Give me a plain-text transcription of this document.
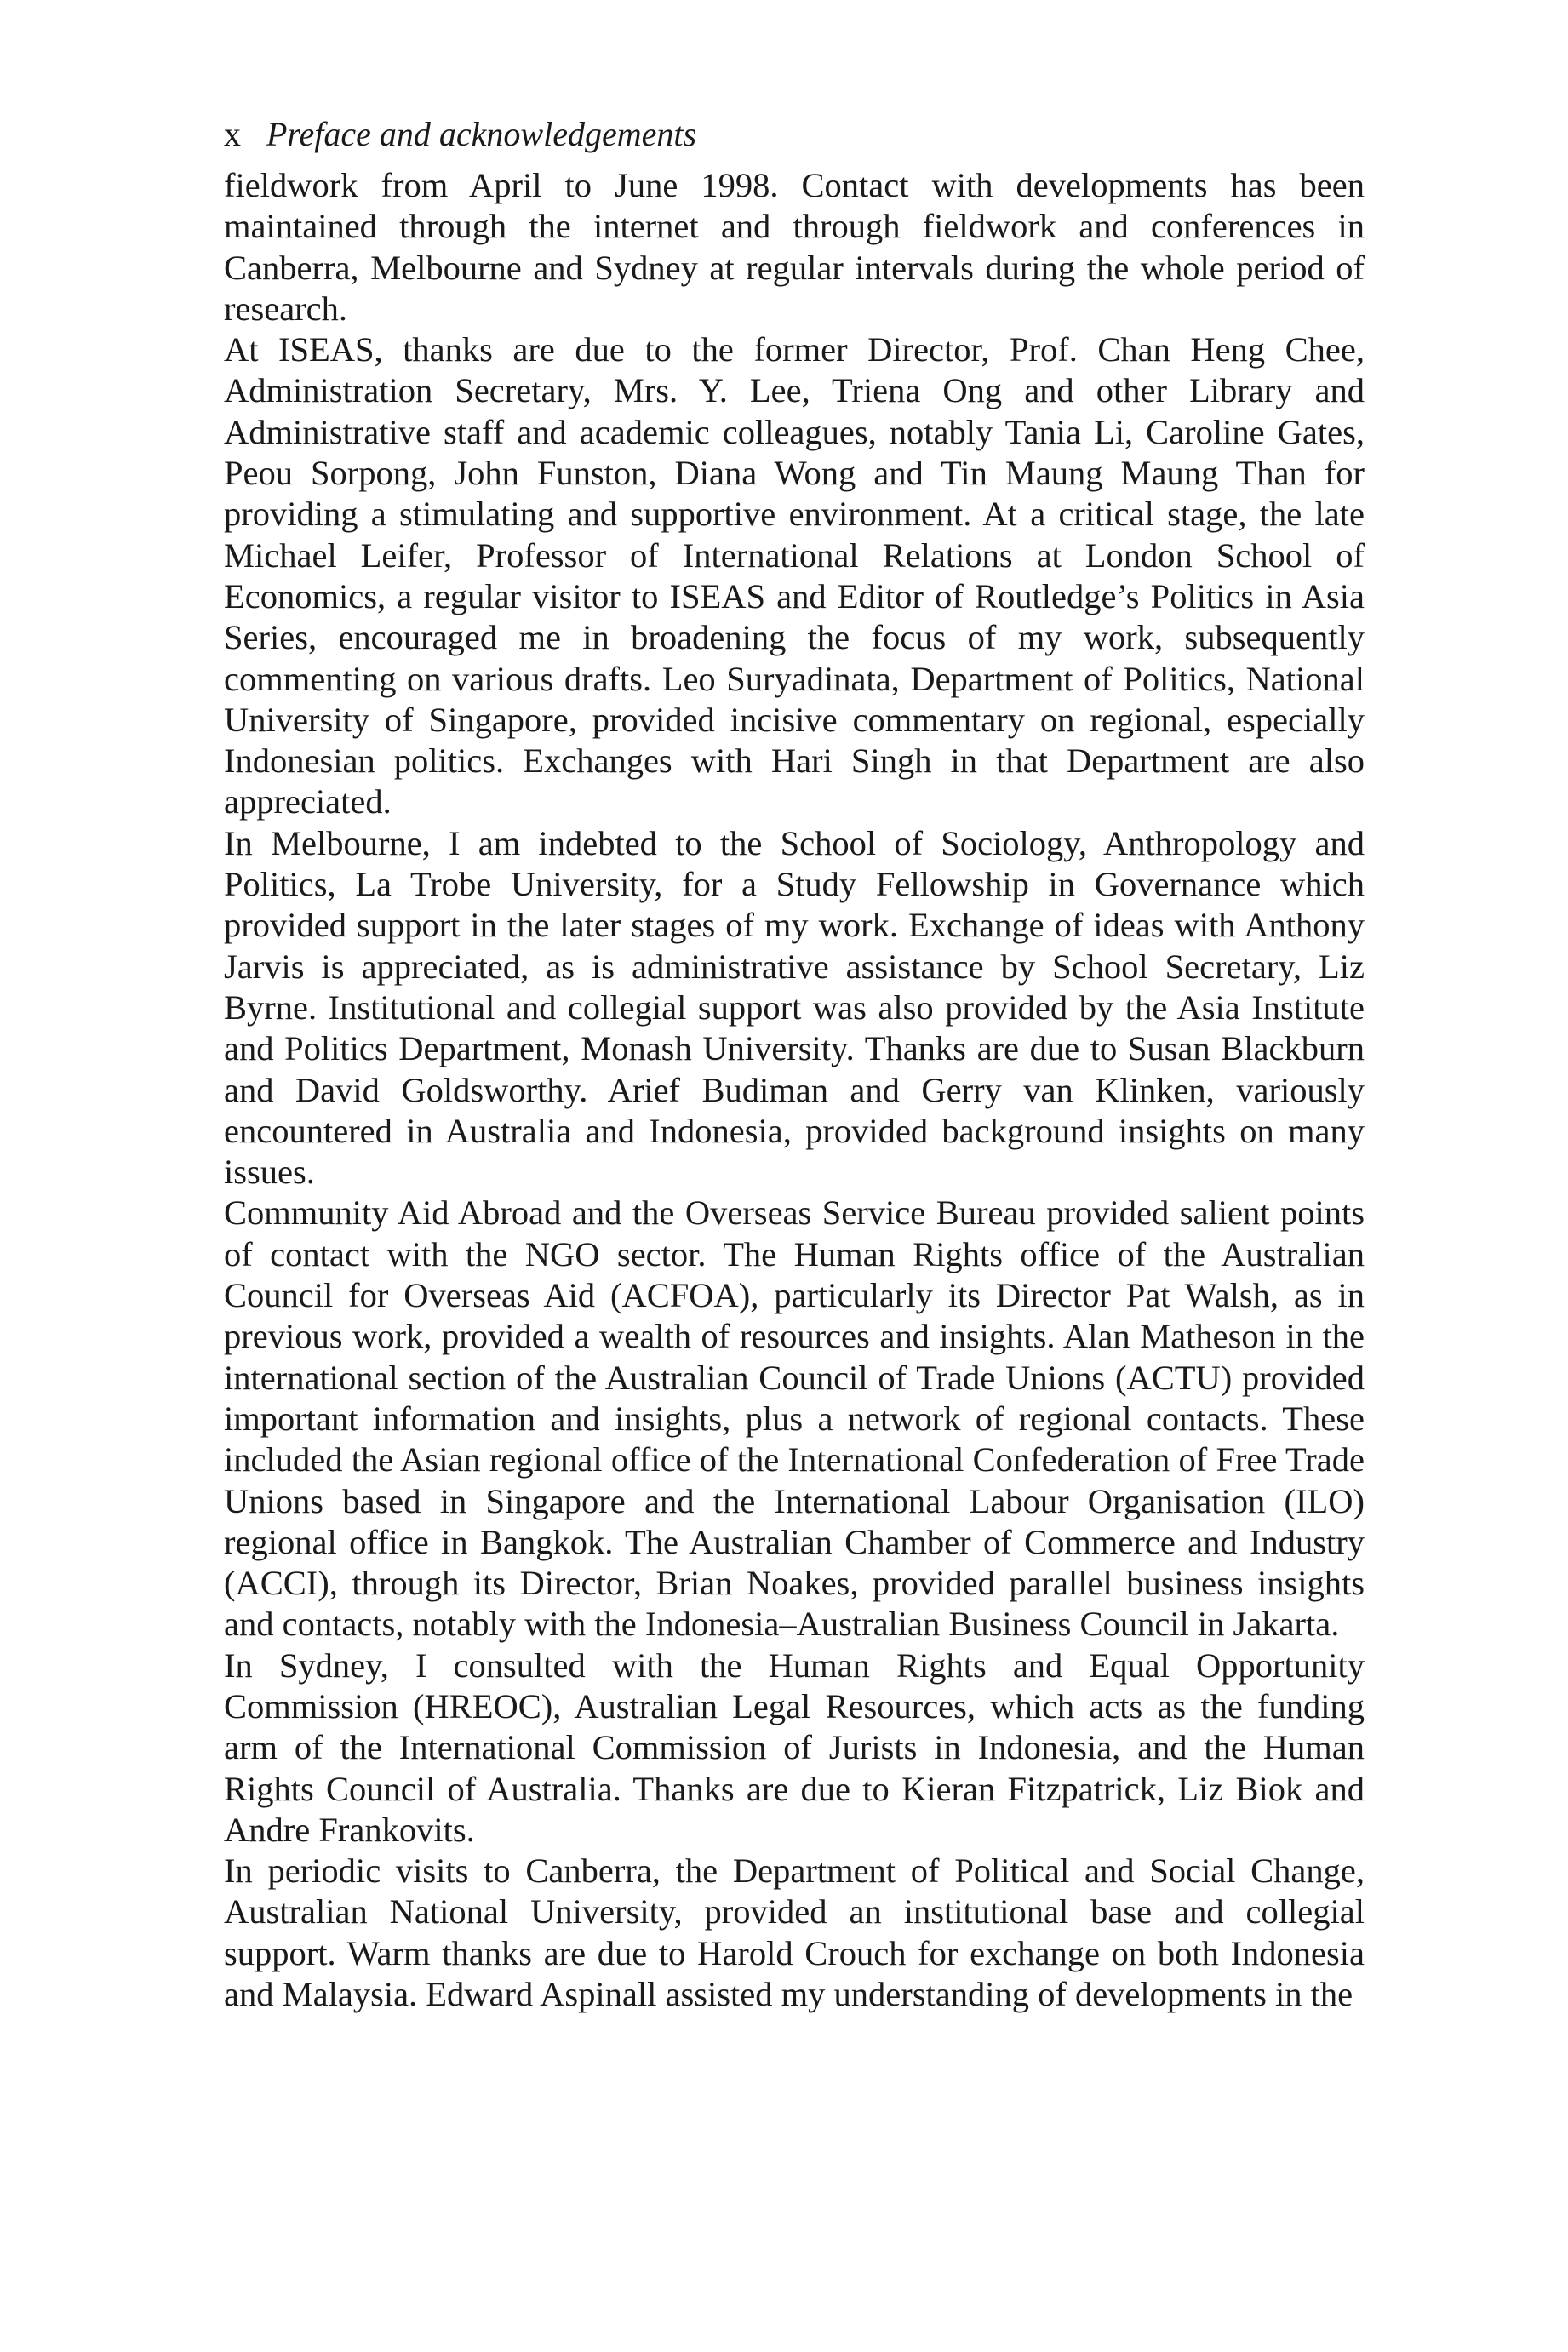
x Preface and acknowledgements

fieldwork from April to June 1998. Contact with developments has been maintained through the internet and through fieldwork and conferences in Canberra, Melbourne and Sydney at regular intervals during the whole period of research.

At ISEAS, thanks are due to the former Director, Prof. Chan Heng Chee, Administration Secretary, Mrs. Y. Lee, Triena Ong and other Library and Administrative staff and academic colleagues, notably Tania Li, Caroline Gates, Peou Sorpong, John Funston, Diana Wong and Tin Maung Maung Than for providing a stimulating and supportive environment. At a critical stage, the late Michael Leifer, Professor of International Relations at London School of Economics, a regular visitor to ISEAS and Editor of Routledge’s Politics in Asia Series, encouraged me in broadening the focus of my work, subsequently commenting on various drafts. Leo Suryadinata, Department of Politics, National University of Singapore, provided incisive commentary on regional, especially Indonesian politics. Exchanges with Hari Singh in that Department are also appreciated.

In Melbourne, I am indebted to the School of Sociology, Anthropology and Politics, La Trobe University, for a Study Fellowship in Governance which provided support in the later stages of my work. Exchange of ideas with Anthony Jarvis is appreciated, as is administrative assistance by School Secretary, Liz Byrne. Institutional and collegial support was also provided by the Asia Institute and Politics Department, Monash University. Thanks are due to Susan Blackburn and David Goldsworthy. Arief Budiman and Gerry van Klinken, variously encountered in Australia and Indonesia, provided background insights on many issues.

Community Aid Abroad and the Overseas Service Bureau provided salient points of contact with the NGO sector. The Human Rights office of the Australian Council for Overseas Aid (ACFOA), particularly its Director Pat Walsh, as in previous work, provided a wealth of resources and insights. Alan Matheson in the international section of the Australian Council of Trade Unions (ACTU) provided important information and insights, plus a network of regional contacts. These included the Asian regional office of the International Confederation of Free Trade Unions based in Singapore and the International Labour Organisation (ILO) regional office in Bangkok. The Australian Chamber of Commerce and Industry (ACCI), through its Director, Brian Noakes, provided parallel business insights and contacts, notably with the Indonesia–Australian Business Council in Jakarta.

In Sydney, I consulted with the Human Rights and Equal Opportunity Commission (HREOC), Australian Legal Resources, which acts as the funding arm of the International Commission of Jurists in Indonesia, and the Human Rights Council of Australia. Thanks are due to Kieran Fitzpatrick, Liz Biok and Andre Frankovits.

In periodic visits to Canberra, the Department of Political and Social Change, Australian National University, provided an institutional base and collegial support. Warm thanks are due to Harold Crouch for exchange on both Indonesia and Malaysia. Edward Aspinall assisted my understanding of developments in the
